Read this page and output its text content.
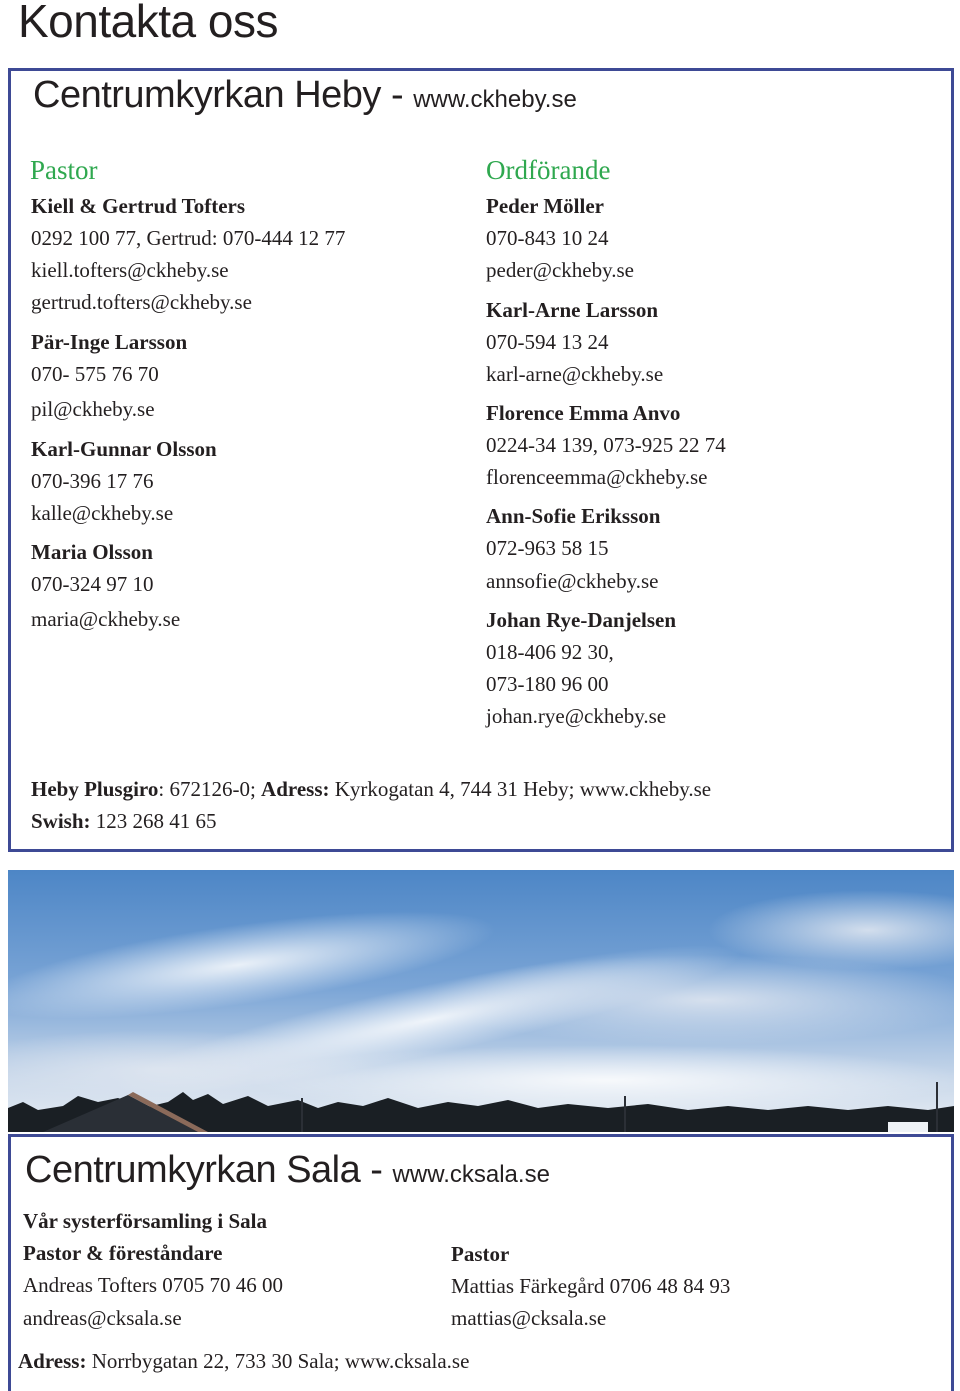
Kontakta oss
Centrumkyrkan Heby - www.ckheby.se
Pastor
Kiell & Gertrud Tofters
0292 100 77, Gertrud: 070-444 12 77
kiell.tofters@ckheby.se
gertrud.tofters@ckheby.se
Pär-Inge Larsson
070- 575 76 70
pil@ckheby.se
Karl-Gunnar Olsson
070-396 17 76
kalle@ckheby.se
Maria Olsson
070-324 97 10
maria@ckheby.se
Ordförande
Peder Möller
070-843 10 24
peder@ckheby.se
Karl-Arne Larsson
070-594 13 24
karl-arne@ckheby.se
Florence Emma Anvo
0224-34 139, 073-925 22 74
florenceemma@ckheby.se
Ann-Sofie Eriksson
072-963 58 15
annsofie@ckheby.se
Johan Rye-Danjelsen
018-406 92 30,
073-180 96 00
johan.rye@ckheby.se
Heby Plusgiro: 672126-0; Adress: Kyrkogatan 4, 744 31 Heby; www.ckheby.se
Swish: 123 268 41 65
Centrumkyrkan Sala - www.cksala.se
Vår systerförsamling i Sala
Pastor & föreståndare
Andreas Tofters 0705 70 46 00
andreas@cksala.se
Pastor
Mattias Färkegård 0706 48 84 93
mattias@cksala.se
Adress: Norrbygatan 22, 733 30 Sala; www.cksala.se
